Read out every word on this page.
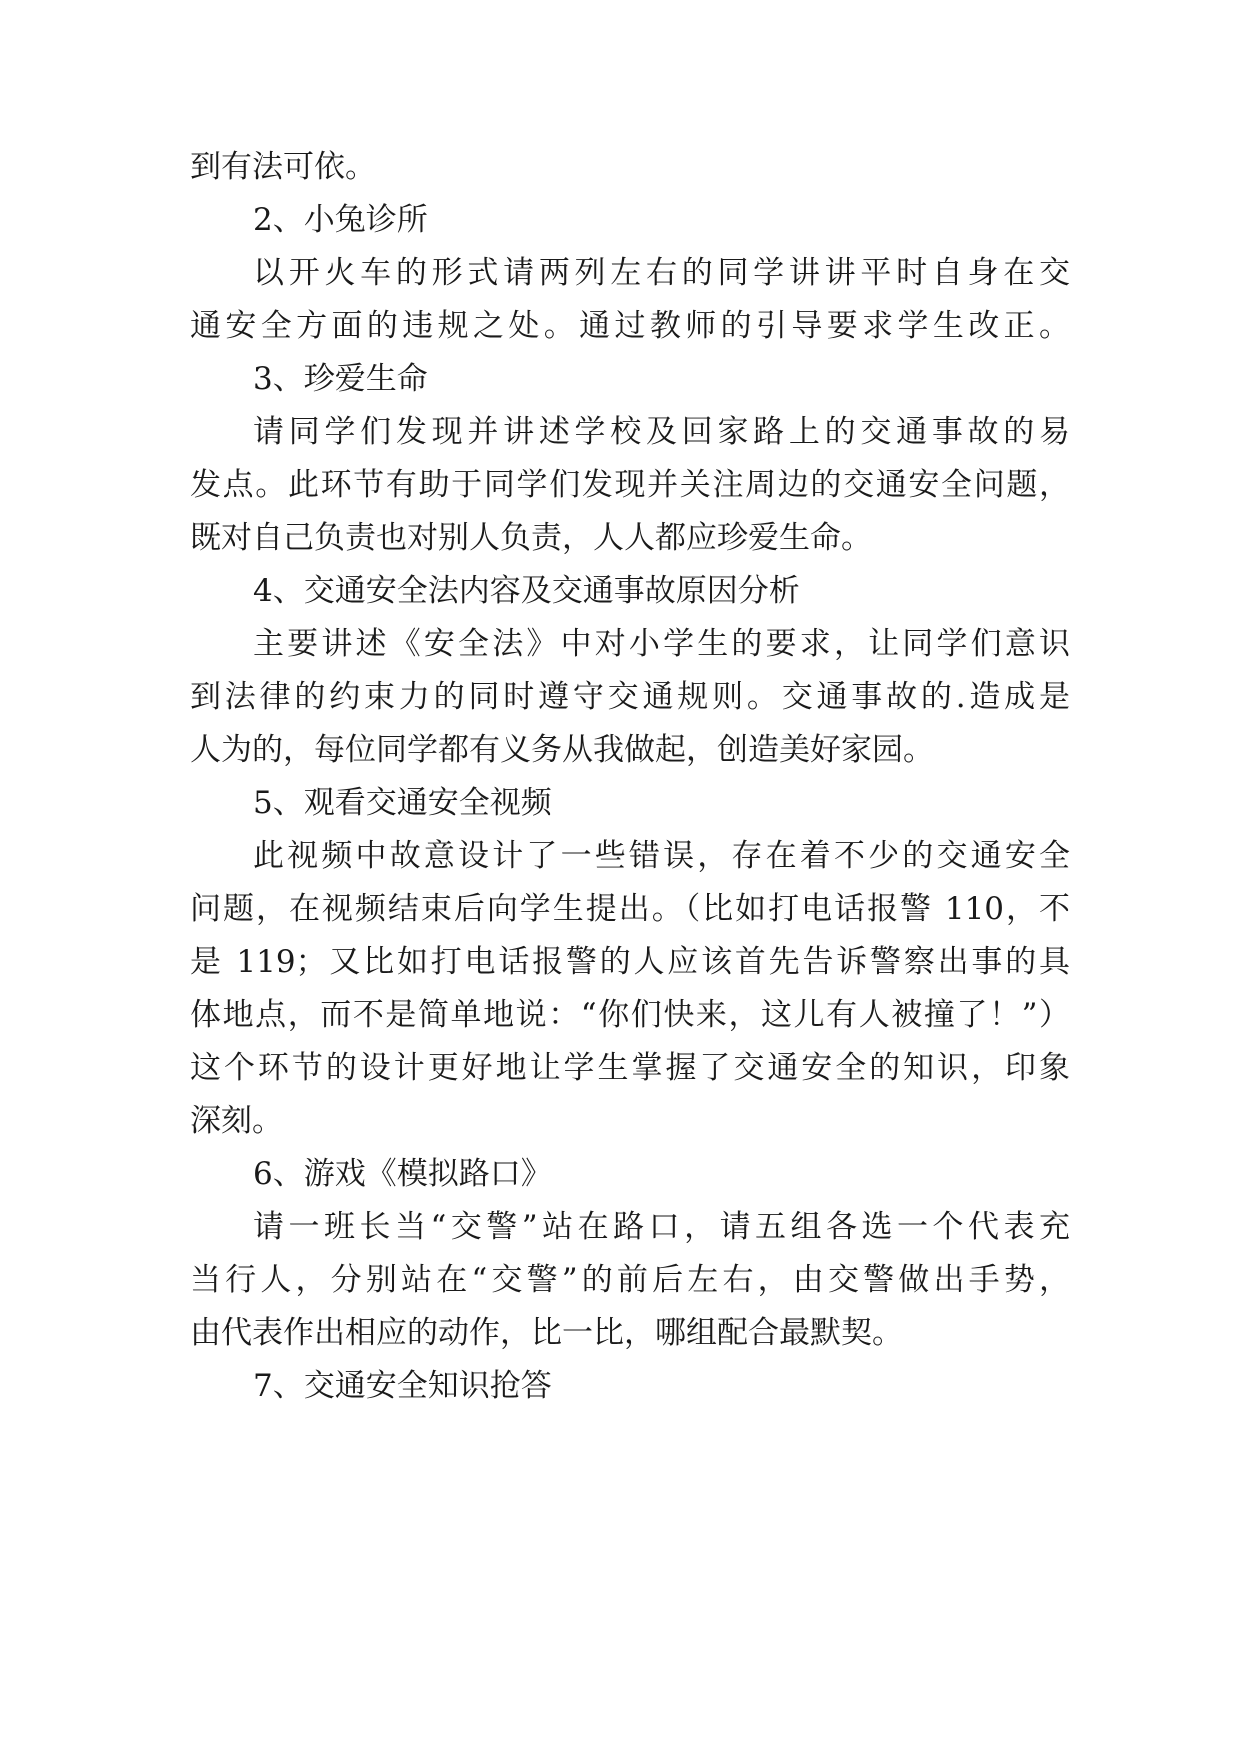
到有法可依。
2、小兔诊所
以开火车的形式请两列左右的同学讲讲平时自身在交
通安全方面的违规之处。通过教师的引导要求学生改正。
3、珍爱生命
请同学们发现并讲述学校及回家路上的交通事故的易
发点。此环节有助于同学们发现并关注周边的交通安全问题，
既对自己负责也对别人负责，人人都应珍爱生命。
4、交通安全法内容及交通事故原因分析
主要讲述《安全法》中对小学生的要求，让同学们意识
到法律的约束力的同时遵守交通规则。交通事故的.造成是
人为的，每位同学都有义务从我做起，创造美好家园。
5、观看交通安全视频
此视频中故意设计了一些错误，存在着不少的交通安全
问题，在视频结束后向学生提出。（比如打电话报警 110，不
是 119；又比如打电话报警的人应该首先告诉警察出事的具
体地点，而不是简单地说：“你们快来，这儿有人被撞了！”）
这个环节的设计更好地让学生掌握了交通安全的知识，印象
深刻。
6、游戏《模拟路口》
请一班长当“交警”站在路口，请五组各选一个代表充
当行人，分别站在“交警”的前后左右，由交警做出手势，
由代表作出相应的动作，比一比，哪组配合最默契。
7、交通安全知识抢答
